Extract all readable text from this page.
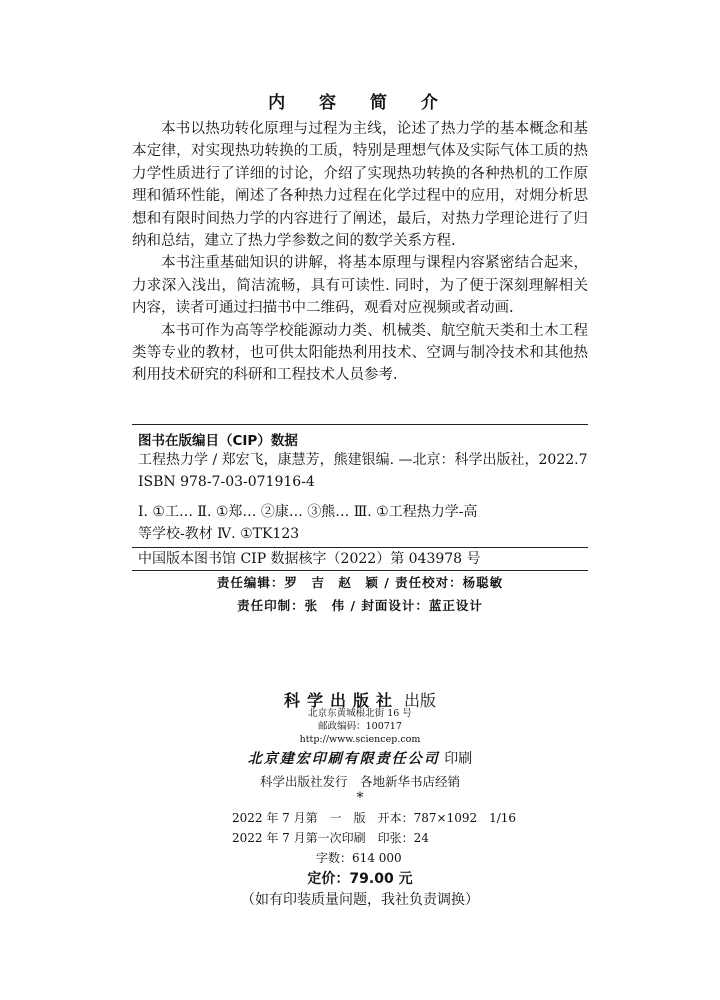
内 容 简 介

本书以热功转化原理与过程为主线，论述了热力学的基本概念和基本定律，对实现热功转换的工质，特别是理想气体及实际气体工质的热力学性质进行了详细的讨论，介绍了实现热功转换的各种热机的工作原理和循环性能，阐述了各种热力过程在化学过程中的应用，对㶲分析思想和有限时间热力学的内容进行了阐述，最后，对热力学理论进行了归纳和总结，建立了热力学参数之间的数学关系方程.

本书注重基础知识的讲解，将基本原理与课程内容紧密结合起来，力求深入浅出，简洁流畅，具有可读性. 同时，为了便于深刻理解相关内容，读者可通过扫描书中二维码，观看对应视频或者动画.

本书可作为高等学校能源动力类、机械类、航空航天类和土木工程类等专业的教材，也可供太阳能热利用技术、空调与制冷技术和其他热利用技术研究的科研和工程技术人员参考.

图书在版编目（CIP）数据
工程热力学 / 郑宏飞，康慧芳，熊建银编. —北京：科学出版社，2022.7
ISBN 978-7-03-071916-4
Ⅰ. ①工… Ⅱ. ①郑… ②康… ③熊… Ⅲ. ①工程热力学-高
等学校-教材 Ⅳ. ①TK123
中国版本图书馆 CIP 数据核字（2022）第 043978 号
责任编辑：罗　吉　赵　颖 / 责任校对：杨聪敏
责任印制：张　伟 / 封面设计：蓝正设计
科学出版社 出版
北京东黄城根北街 16 号
邮政编码：100717
http://www.sciencep.com
北京建宏印刷有限责任公司 印刷
科学出版社发行　各地新华书店经销
*
2022 年 7 月第　一　版　开本：787×1092　1/16
2022 年 7 月第一次印刷　印张：24
字数：614 000
定价：79.00 元
（如有印装质量问题，我社负责调换）
